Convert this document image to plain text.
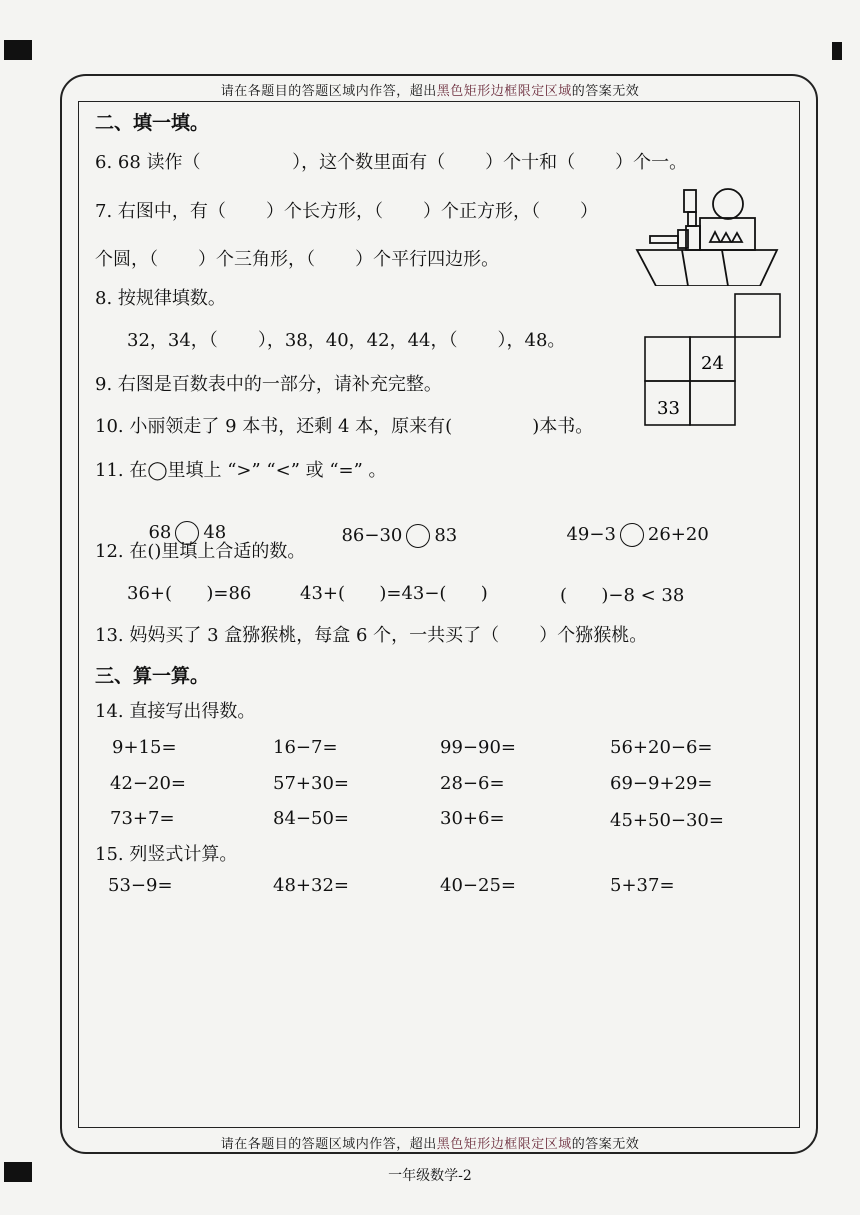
请在各题目的答题区域内作答，超出黑色矩形边框限定区域的答案无效
二、填一填。
6. 68 读作（                ），这个数里面有（       ）个十和（       ）个一。
7. 右图中，有（       ）个长方形，（       ）个正方形，（       ）
个圆，（       ）个三角形，（       ）个平行四边形。
8. 按规律填数。
32，34，（       ），38，40，42，44，（       ），48。
24
33
9. 右图是百数表中的一部分，请补充完整。
10. 小丽领走了 9 本书，还剩 4 本，原来有(              )本书。
11. 在◯里填上 “>” “<” 或 “=” 。

68 48	86−30 83	49−3 26+20

12. 在()里填上合适的数。
36+(      )=86	43+(      )=43−(      )	(      )−8 < 38
13. 妈妈买了 3 盒猕猴桃，每盒 6 个，一共买了（       ）个猕猴桃。
三、算一算。
14. 直接写出得数。
9+15=	16−7=	99−90=	56+20−6=
42−20=	57+30=	28−6=	69−9+29=
73+7=	84−50=	30+6=	45+50−30=
15. 列竖式计算。
53−9=	48+32=	40−25=	5+37=
请在各题目的答题区域内作答，超出黑色矩形边框限定区域的答案无效
一年级数学-2
